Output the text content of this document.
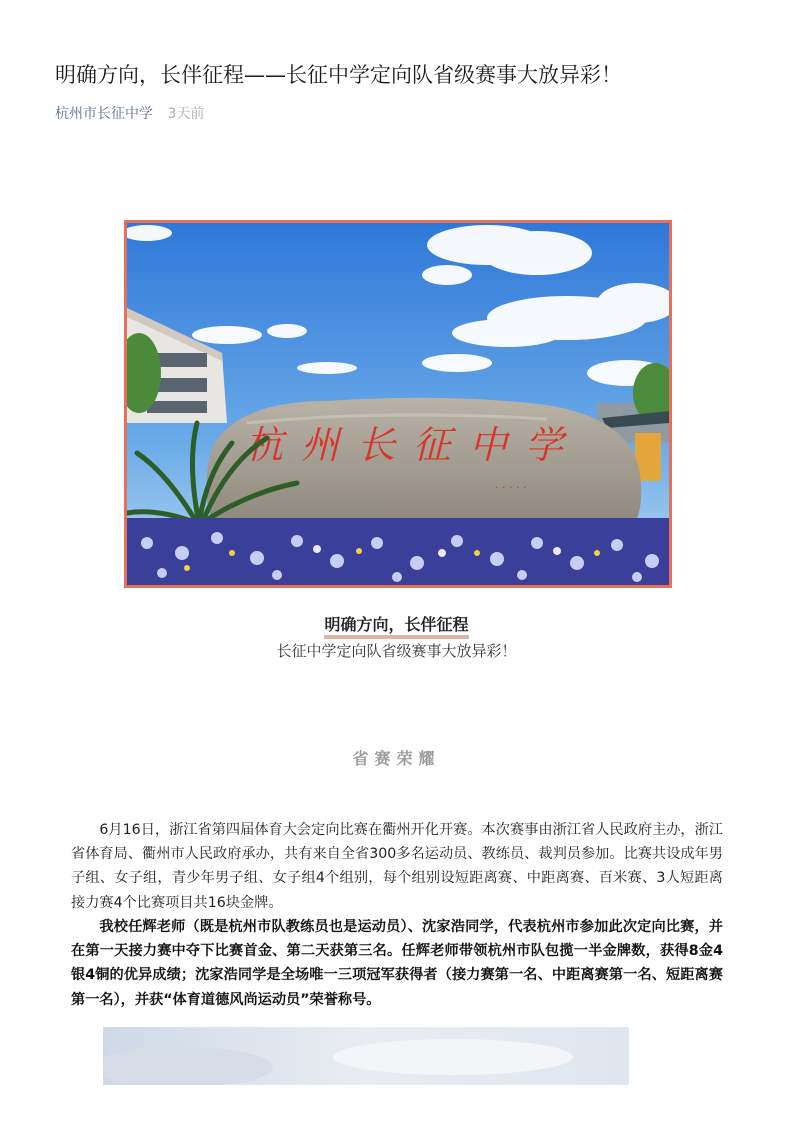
明确方向，长伴征程——长征中学定向队省级赛事大放异彩！
杭州市长征中学 3天前
杭州长征中学
· · · · ·
明确方向，长伴征程
长征中学定向队省级赛事大放异彩！
省赛荣耀

6月16日，浙江省第四届体育大会定向比赛在衢州开化开赛。本次赛事由浙江省人民政府主办，浙江省体育局、衢州市人民政府承办，共有来自全省300多名运动员、教练员、裁判员参加。比赛共设成年男子组、女子组，青少年男子组、女子组4个组别，每个组别设短距离赛、中距离赛、百米赛、3人短距离接力赛4个比赛项目共16块金牌。

我校任辉老师（既是杭州市队教练员也是运动员）、沈家浩同学，代表杭州市参加此次定向比赛，并在第一天接力赛中夺下比赛首金、第二天获第三名。任辉老师带领杭州市队包揽一半金牌数，获得8金4银4铜的优异成绩；沈家浩同学是全场唯一三项冠军获得者（接力赛第一名、中距离赛第一名、短距离赛第一名），并获“体育道德风尚运动员”荣誉称号。
